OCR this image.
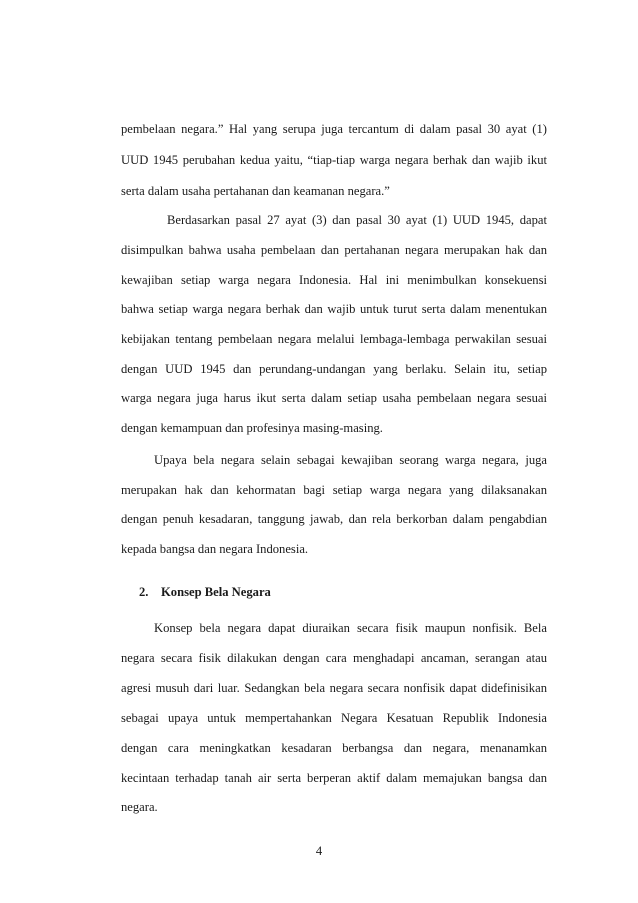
pembelaan negara.” Hal yang serupa juga tercantum di dalam pasal 30 ayat (1)
UUD 1945 perubahan kedua yaitu, “tiap-tiap warga negara berhak dan wajib ikut
serta dalam usaha pertahanan dan keamanan negara.”
Berdasarkan pasal 27 ayat (3) dan pasal 30 ayat (1) UUD 1945, dapat
disimpulkan bahwa usaha pembelaan dan pertahanan negara merupakan hak dan
kewajiban setiap warga negara Indonesia. Hal ini menimbulkan konsekuensi
bahwa setiap warga negara berhak dan wajib untuk turut serta dalam menentukan
kebijakan tentang pembelaan negara melalui lembaga-lembaga perwakilan sesuai
dengan UUD 1945 dan perundang-undangan yang berlaku. Selain itu, setiap
warga negara juga harus ikut serta dalam setiap usaha pembelaan negara sesuai
dengan kemampuan dan profesinya masing-masing.
Upaya bela negara selain sebagai kewajiban seorang warga negara, juga
merupakan hak dan kehormatan bagi setiap warga negara yang dilaksanakan
dengan penuh kesadaran, tanggung jawab, dan rela berkorban dalam pengabdian
kepada bangsa dan negara Indonesia.
2. Konsep Bela Negara
Konsep bela negara dapat diuraikan secara fisik maupun nonfisik. Bela
negara secara fisik dilakukan dengan cara menghadapi ancaman, serangan atau
agresi musuh dari luar. Sedangkan bela negara secara nonfisik dapat didefinisikan
sebagai upaya untuk mempertahankan Negara Kesatuan Republik Indonesia
dengan cara meningkatkan kesadaran berbangsa dan negara, menanamkan
kecintaan terhadap tanah air serta berperan aktif dalam memajukan bangsa dan
negara.
4
